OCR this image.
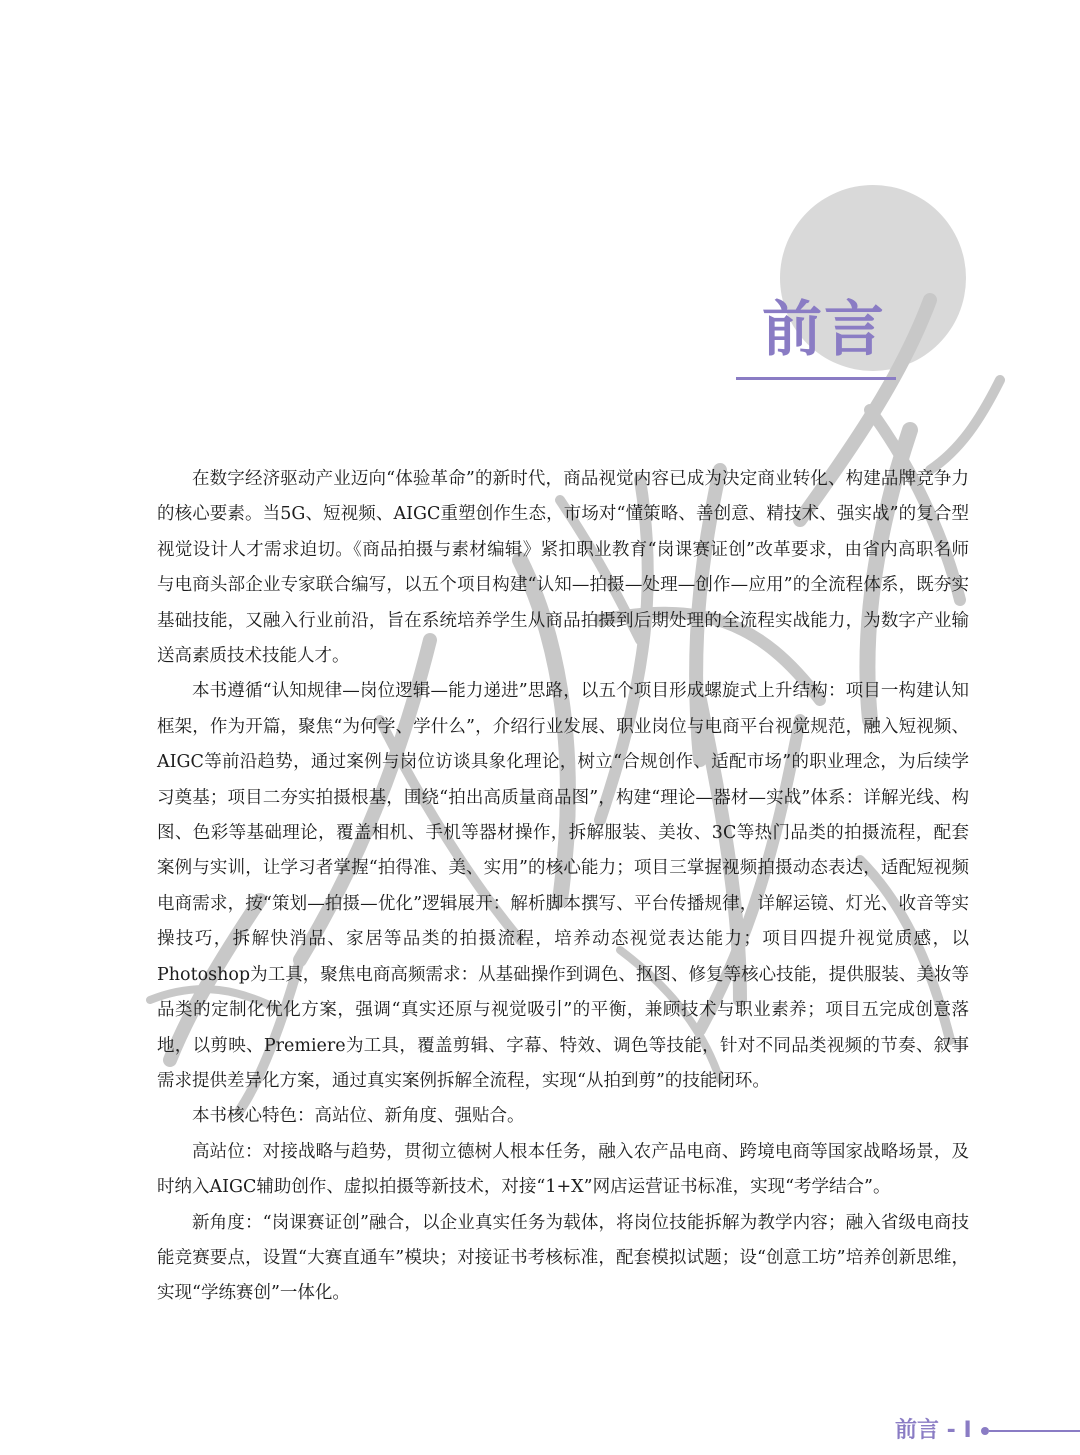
前言

在数字经济驱动产业迈向“体验革命”的新时代，商品视觉内容已成为决定商业转化、构建品牌竞争力的核心要素。当5G、短视频、AIGC重塑创作生态，市场对“懂策略、善创意、精技术、强实战”的复合型视觉设计人才需求迫切。《商品拍摄与素材编辑》紧扣职业教育“岗课赛证创”改革要求，由省内高职名师与电商头部企业专家联合编写，以五个项目构建“认知—拍摄—处理—创作—应用”的全流程体系，既夯实基础技能，又融入行业前沿，旨在系统培养学生从商品拍摄到后期处理的全流程实战能力，为数字产业输送高素质技术技能人才。

本书遵循“认知规律—岗位逻辑—能力递进”思路，以五个项目形成螺旋式上升结构：项目一构建认知框架，作为开篇，聚焦“为何学、学什么”，介绍行业发展、职业岗位与电商平台视觉规范，融入短视频、AIGC等前沿趋势，通过案例与岗位访谈具象化理论，树立“合规创作、适配市场”的职业理念，为后续学习奠基；项目二夯实拍摄根基，围绕“拍出高质量商品图”，构建“理论—器材—实战”体系：详解光线、构图、色彩等基础理论，覆盖相机、手机等器材操作，拆解服装、美妆、3C等热门品类的拍摄流程，配套案例与实训，让学习者掌握“拍得准、美、实用”的核心能力；项目三掌握视频拍摄动态表达，适配短视频电商需求，按“策划—拍摄—优化”逻辑展开：解析脚本撰写、平台传播规律，详解运镜、灯光、收音等实操技巧，拆解快消品、家居等品类的拍摄流程，培养动态视觉表达能力；项目四提升视觉质感，以Photoshop为工具，聚焦电商高频需求：从基础操作到调色、抠图、修复等核心技能，提供服装、美妆等品类的定制化优化方案，强调“真实还原与视觉吸引”的平衡，兼顾技术与职业素养；项目五完成创意落地，以剪映、Premiere为工具，覆盖剪辑、字幕、特效、调色等技能，针对不同品类视频的节奏、叙事需求提供差异化方案，通过真实案例拆解全流程，实现“从拍到剪”的技能闭环。

本书核心特色：高站位、新角度、强贴合。

高站位：对接战略与趋势，贯彻立德树人根本任务，融入农产品电商、跨境电商等国家战略场景，及时纳入AIGC辅助创作、虚拟拍摄等新技术，对接“1+X”网店运营证书标准，实现“考学结合”。

新角度：“岗课赛证创”融合，以企业真实任务为载体，将岗位技能拆解为教学内容；融入省级电商技能竞赛要点，设置“大赛直通车”模块；对接证书考核标准，配套模拟试题；设“创意工坊”培养创新思维，实现“学练赛创”一体化。

前言 - I
